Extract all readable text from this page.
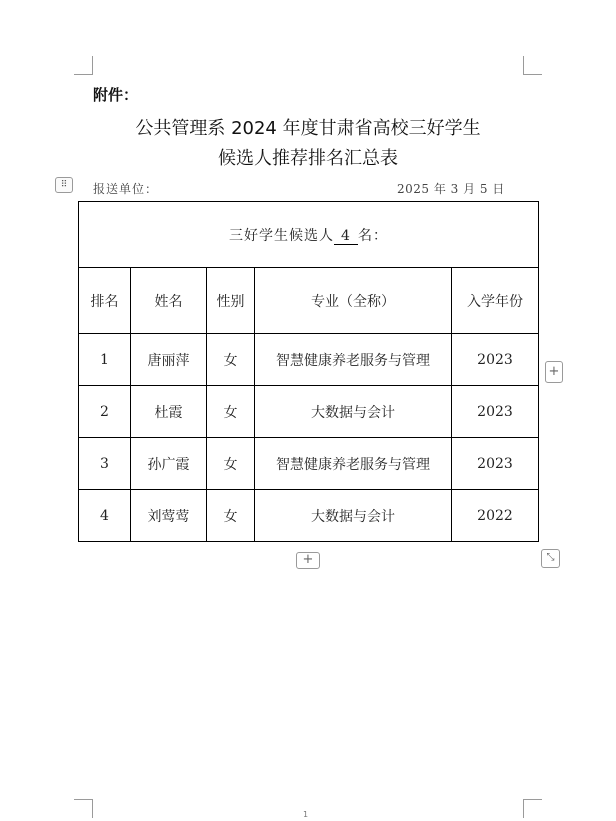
附件：
公共管理系 2024 年度甘肃省高校三好学生
候选人推荐排名汇总表
⠿	报送单位：	2025 年 3 月 5 日
三好学生候选人 4 名：				
排名	姓名	性别	专业（全称）	入学年份
1	唐丽萍	女	智慧健康养老服务与管理	2023
2	杜霞	女	大数据与会计	2023
3	孙广霞	女	智慧健康养老服务与管理	2023
4	刘莺莺	女	大数据与会计	2022
+
+	⤡
1
